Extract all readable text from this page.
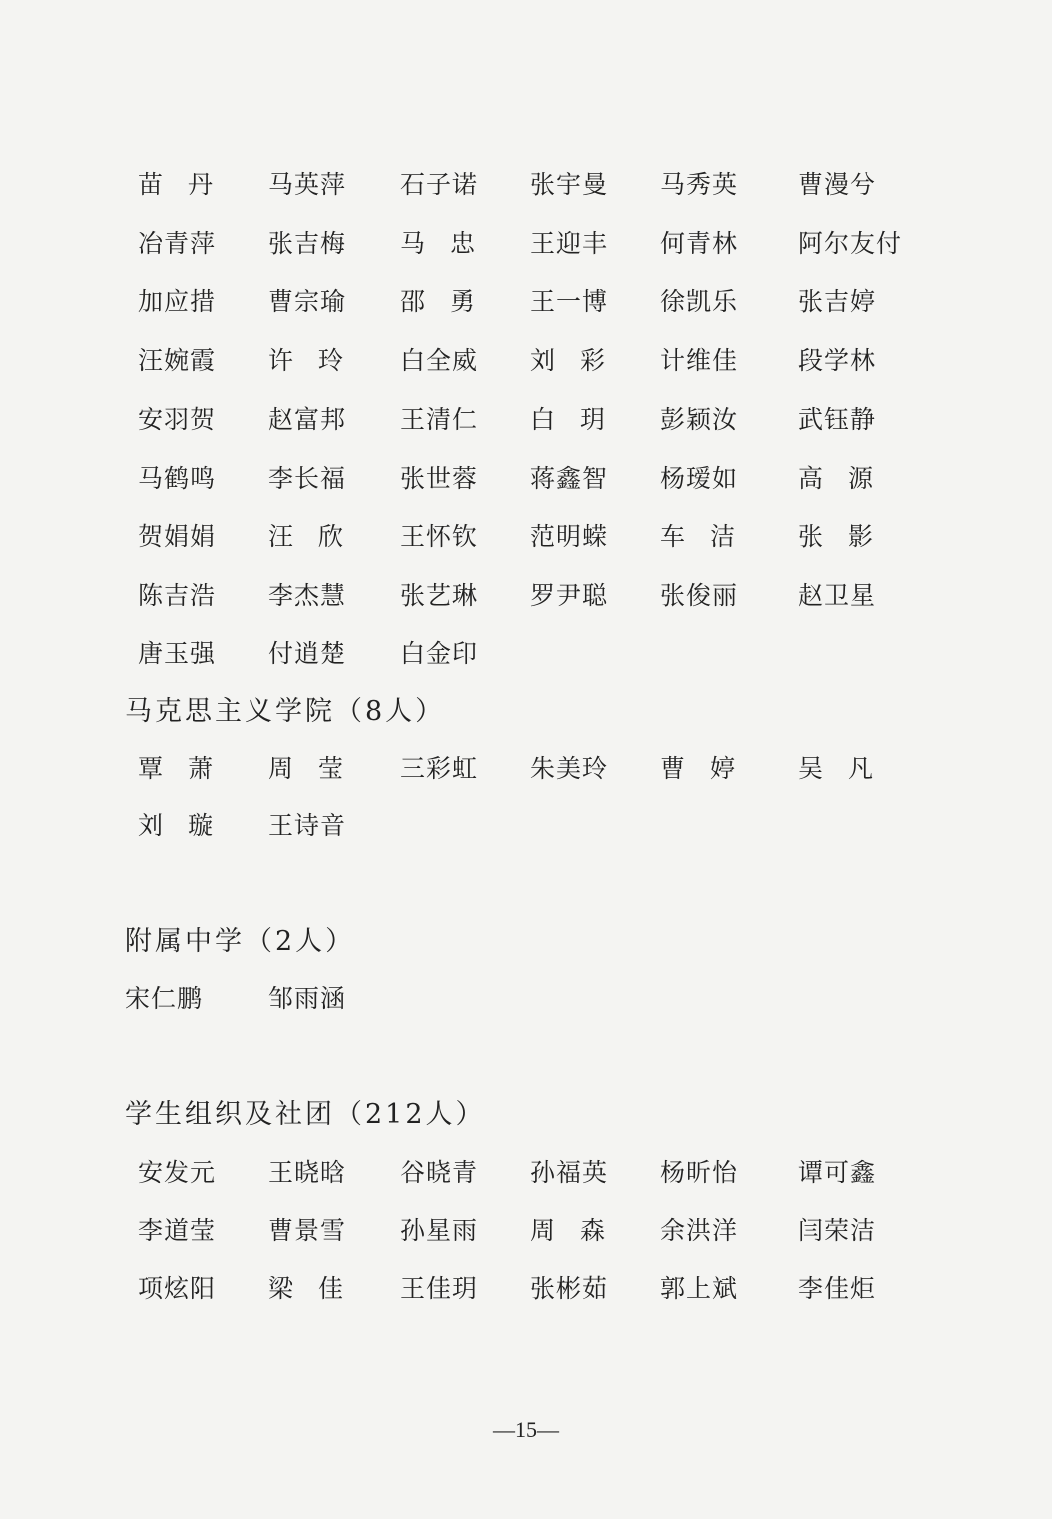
苗　丹 马英萍 石子诺 张宇曼 马秀英 曹漫兮
冶青萍 张吉梅 马　忠 王迎丰 何青林 阿尔友付
加应措 曹宗瑜 邵　勇 王一博 徐凯乐 张吉婷
汪婉霞 许　玲 白全威 刘　彩 计维佳 段学林
安羽贺 赵富邦 王清仁 白　玥 彭颖汝 武钰静
马鹤鸣 李长福 张世蓉 蒋鑫智 杨瑷如 高　源
贺娟娟 汪　欣 王怀钦 范明蝾 车　洁	张　影
陈吉浩 李杰慧 张艺琳 罗尹聪 张俊丽 赵卫星
唐玉强 付逍楚 白金印
马克思主义学院（8人）
覃　萧 周　莹 三彩虹 朱美玲 曹　婷	吴　凡
刘　璇 王诗音
附属中学（2人）
宋仁鹏	邹雨涵
学生组织及社团（212人）
安发元 王晓晗 谷晓青 孙福英 杨昕怡 谭可鑫
李道莹 曹景雪 孙星雨 周　森 余洪洋 闫荣洁
项炫阳 梁　佳 王佳玥 张彬茹 郭上斌 李佳炬
—15—
